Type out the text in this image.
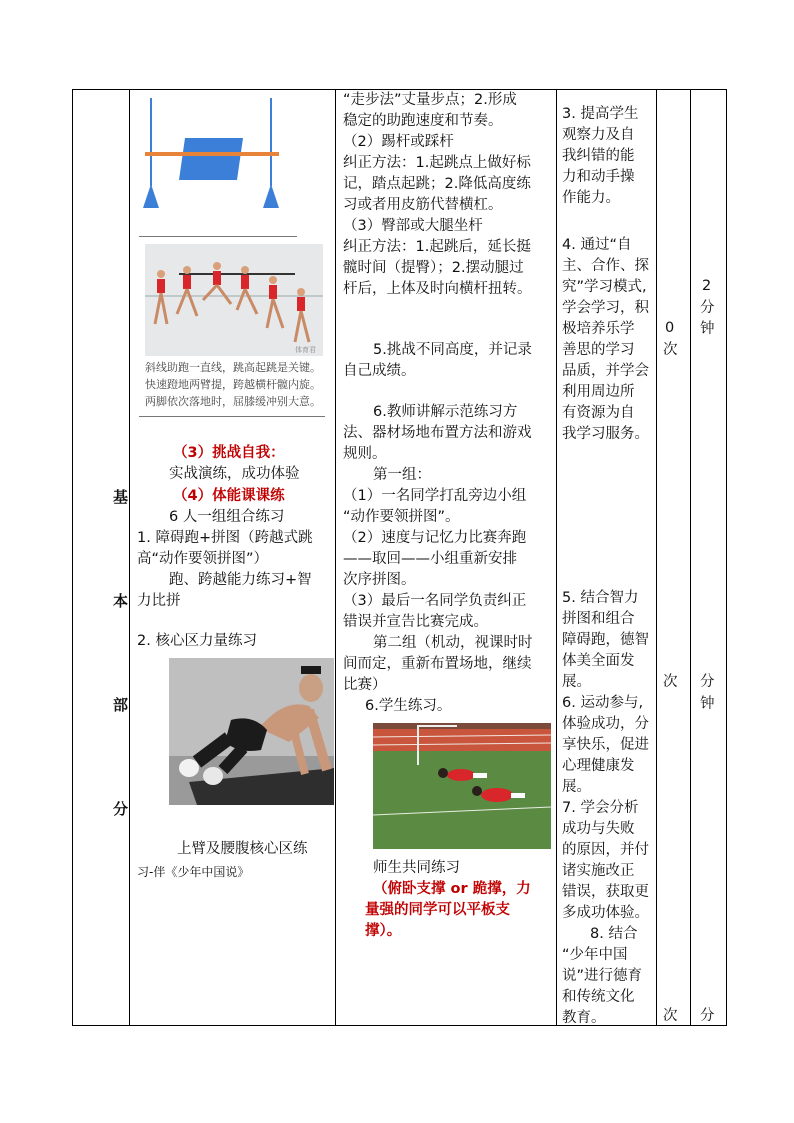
基
本
部
分
体育君
斜线助跑一直线，跳高起跳是关键。
快速蹬地两臂提，跨越横杆髋内旋。
两脚依次落地时，屈膝缓冲别大意。
（3）挑战自我：
实战演练，成功体验
（4）体能课课练
6 人一组组合练习
1. 障碍跑+拼图（跨越式跳
高“动作要领拼图”）
跑、跨越能力练习+智
力比拼
2. 核心区力量练习
上臂及腰腹核心区练
习-伴《少年中国说》
“走步法”丈量步点；2.形成
稳定的助跑速度和节奏。
（2）踢杆或踩杆
纠正方法：1.起跳点上做好标
记，踏点起跳；2.降低高度练
习或者用皮筋代替横杠。
（3）臀部或大腿坐杆
纠正方法：1.起跳后，延长挺
髋时间（提臀）；2.摆动腿过
杆后，上体及时向横杆扭转。
5.挑战不同高度，并记录
自己成绩。
6.教师讲解示范练习方
法、器材场地布置方法和游戏
规则。
第一组：
（1）一名同学打乱旁边小组
“动作要领拼图”。
（2）速度与记忆力比赛奔跑
——取回——小组重新安排
次序拼图。
（3）最后一名同学负责纠正
错误并宣告比赛完成。
第二组（机动，视课时时
间而定，重新布置场地，继续
比赛）
6.学生练习。
师生共同练习
（俯卧支撑 or 跪撑，力
量强的同学可以平板支
撑）。
3. 提高学生
观察力及自
我纠错的能
力和动手操
作能力。
4. 通过“自
主、合作、探
究”学习模式,
学会学习，积
极培养乐学
善思的学习
品质，并学会
利用周边所
有资源为自
我学习服务。
5. 结合智力
拼图和组合
障碍跑，德智
体美全面发
展。
6. 运动参与,
体验成功，分
享快乐，促进
心理健康发
展。
7. 学会分析
成功与失败
的原因，并付
诸实施改正
错误，获取更
多成功体验。
8. 结合
“少年中国
说”进行德育
和传统文化
教育。
0
次
次
次
2
分
钟
分
钟
分
